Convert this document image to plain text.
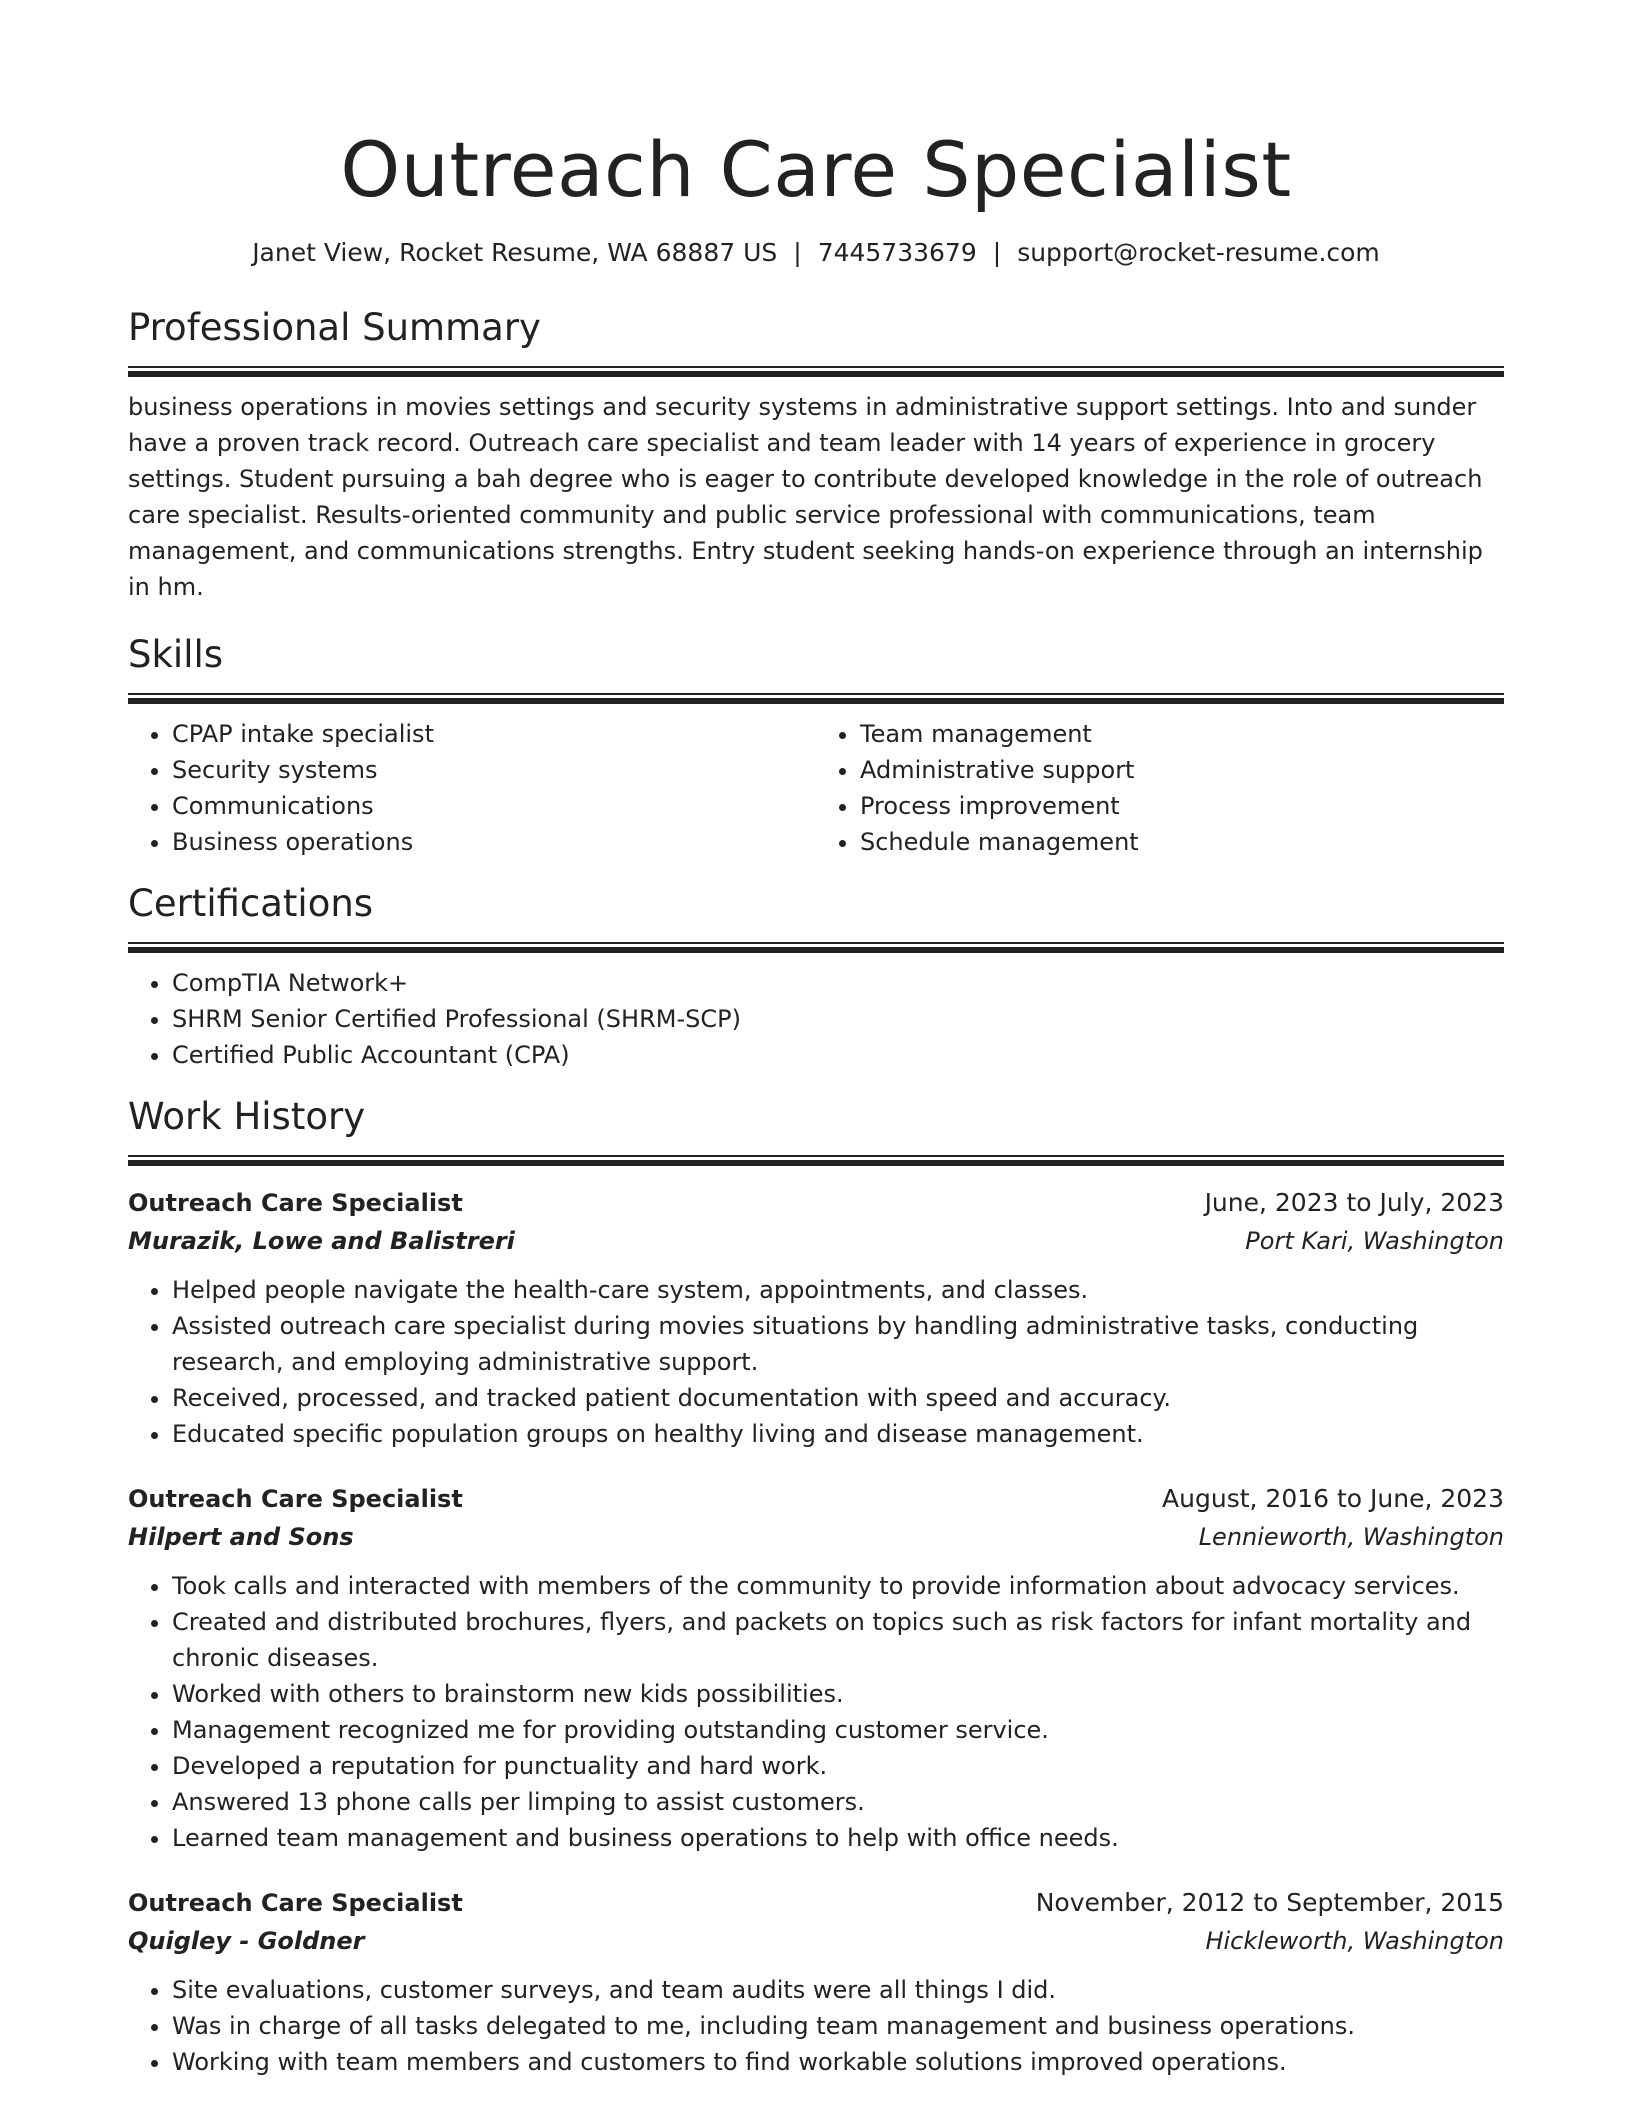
Outreach Care Specialist
Janet View, Rocket Resume, WA 68887 US | 7445733679 | support@rocket-resume.com
Professional Summary

business operations in movies settings and security systems in administrative support settings. Into and sunder have a proven track record. Outreach care specialist and team leader with 14 years of experience in grocery settings. Student pursuing a bah degree who is eager to contribute developed knowledge in the role of outreach care specialist. Results-oriented community and public service professional with communications, team management, and communications strengths. Entry student seeking hands-on experience through an internship in hm.

Skills
• CPAP intake specialist
• Security systems
• Communications
• Business operations
• Team management
• Administrative support
• Process improvement
• Schedule management
Certifications
• CompTIA Network+
• SHRM Senior Certified Professional (SHRM-SCP)
• Certified Public Accountant (CPA)
Work History
Outreach Care Specialist	June, 2023 to July, 2023
Murazik, Lowe and Balistreri	Port Kari, Washington
• Helped people navigate the health-care system, appointments, and classes.
• Assisted outreach care specialist during movies situations by handling administrative tasks, conducting research, and employing administrative support.
• Received, processed, and tracked patient documentation with speed and accuracy.
• Educated specific population groups on healthy living and disease management.
Outreach Care Specialist	August, 2016 to June, 2023
Hilpert and Sons	Lennieworth, Washington
• Took calls and interacted with members of the community to provide information about advocacy services.
• Created and distributed brochures, flyers, and packets on topics such as risk factors for infant mortality and chronic diseases.
• Worked with others to brainstorm new kids possibilities.
• Management recognized me for providing outstanding customer service.
• Developed a reputation for punctuality and hard work.
• Answered 13 phone calls per limping to assist customers.
• Learned team management and business operations to help with office needs.
Outreach Care Specialist	November, 2012 to September, 2015
Quigley - Goldner	Hickleworth, Washington
• Site evaluations, customer surveys, and team audits were all things I did.
• Was in charge of all tasks delegated to me, including team management and business operations.
• Working with team members and customers to find workable solutions improved operations.
